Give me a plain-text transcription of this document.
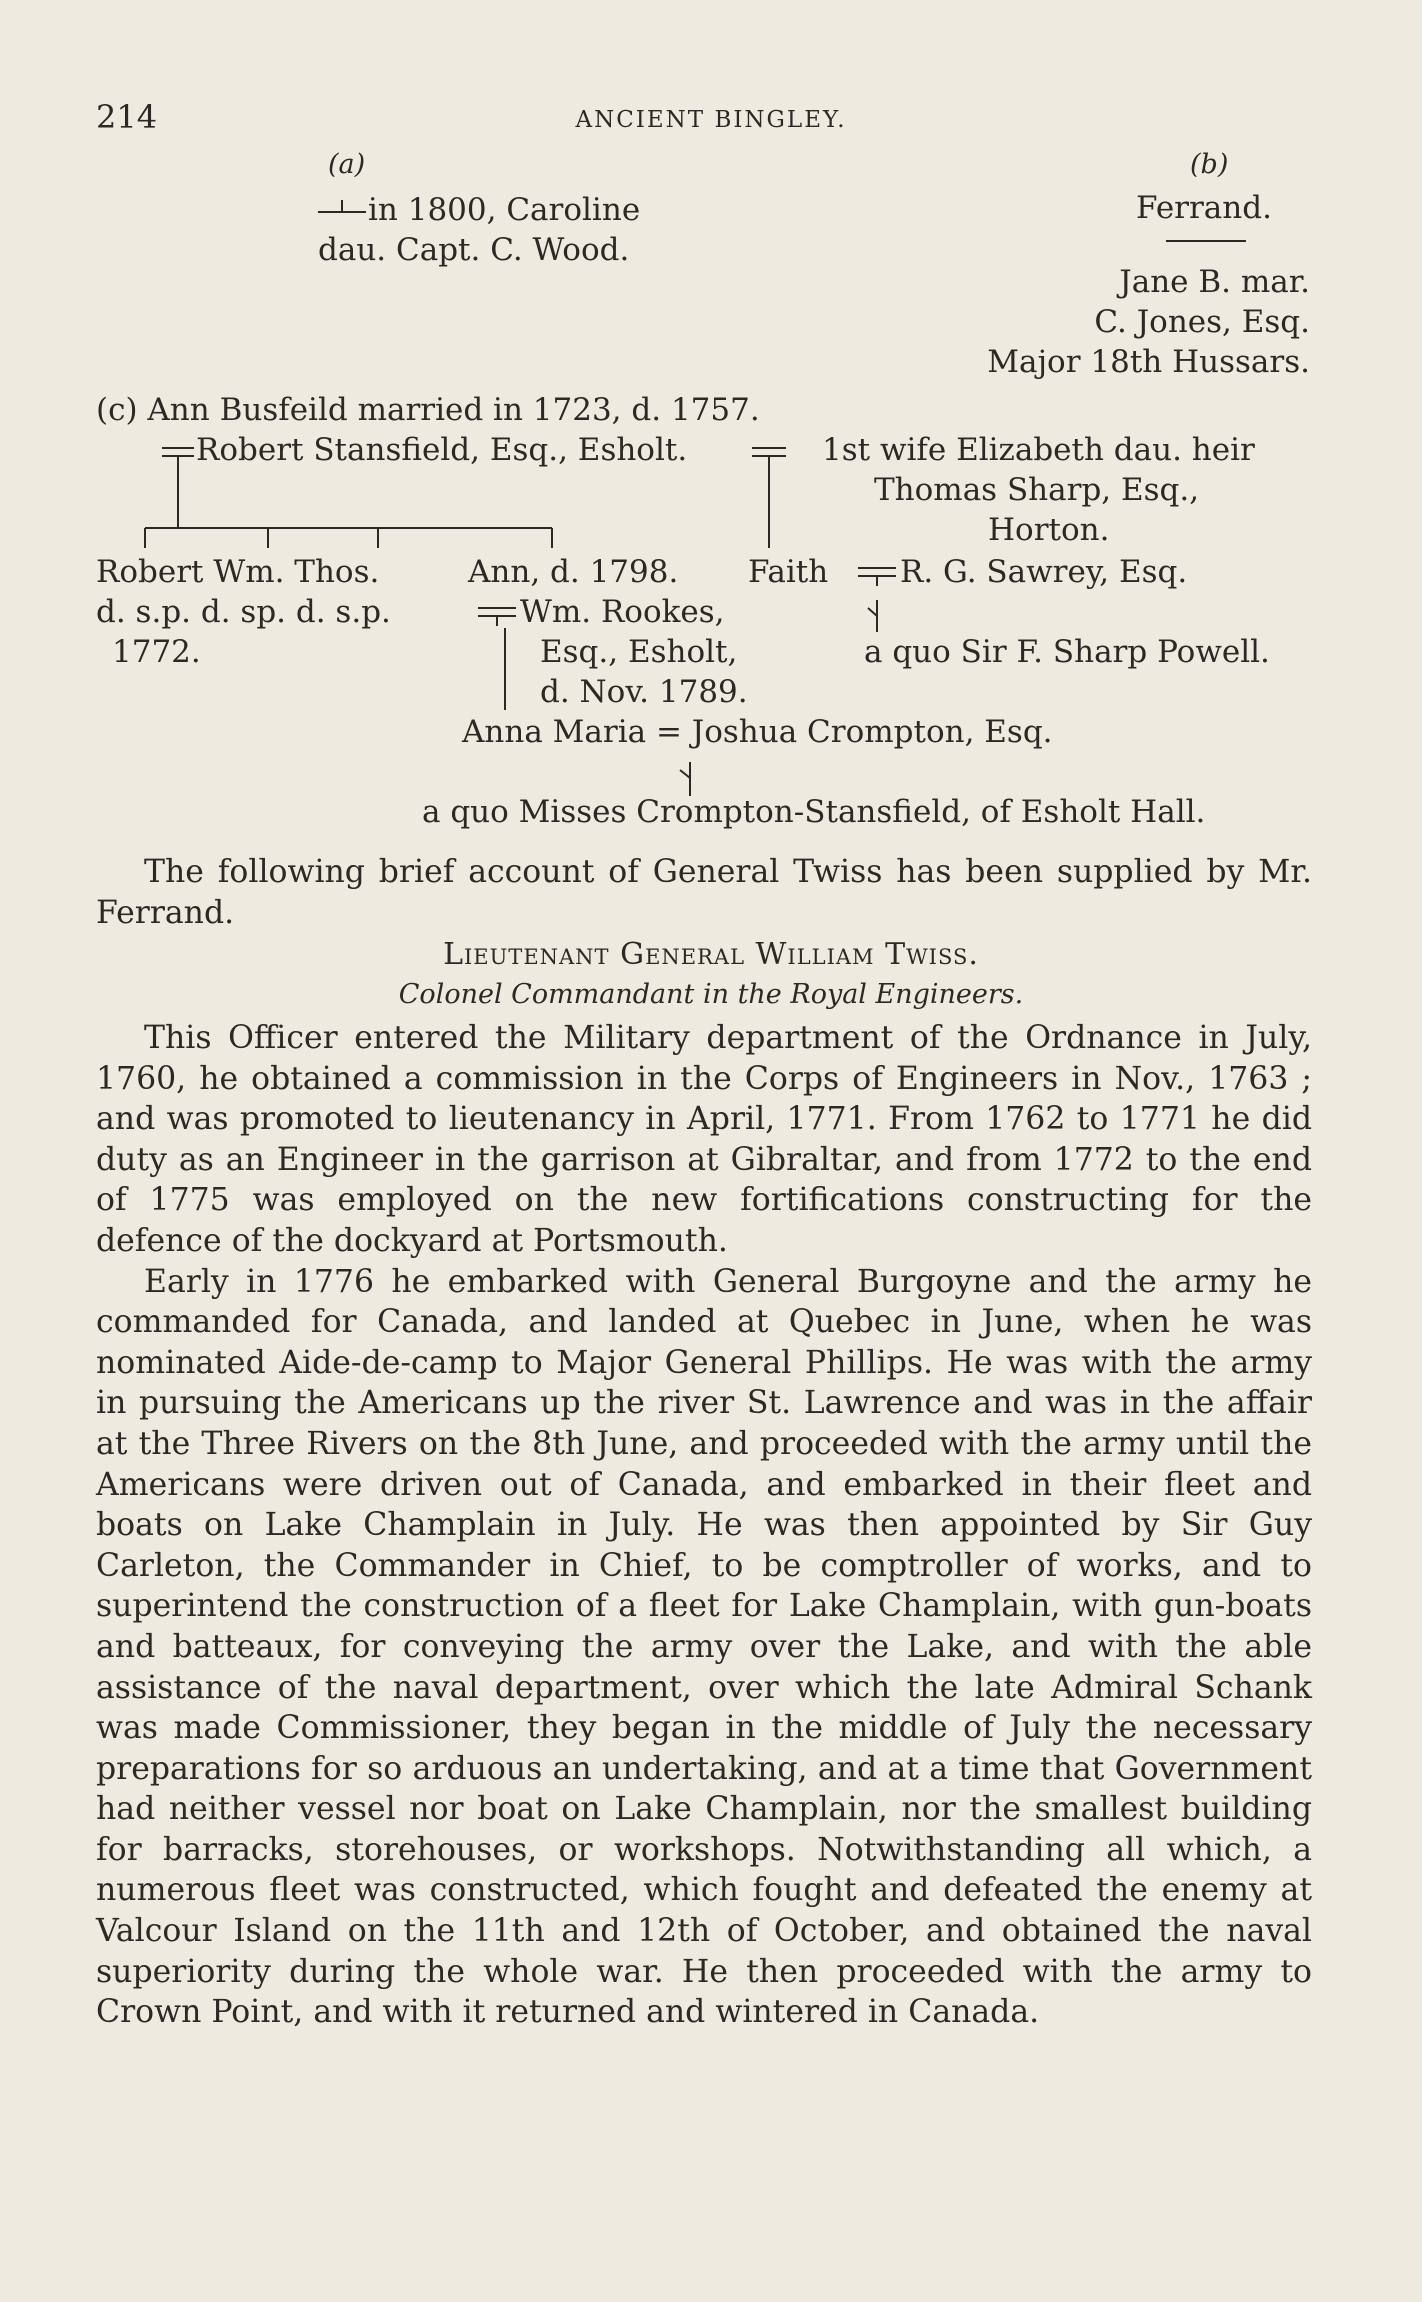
214	ANCIENT BINGLEY.
(a)
in 1800, Caroline
dau. Capt. C. Wood.
(b)
Ferrand.
Jane B. mar.
C. Jones, Esq.
Major 18th Hussars.
(c) Ann Busfeild married in 1723, d. 1757.
Robert Stansfield, Esq., Esholt.	1st wife Elizabeth dau. heir
Thomas Sharp, Esq.,
Horton.
Robert Wm. Thos.
d. s.p. d. sp. d. s.p.
1772.
Ann, d. 1798.
Wm. Rookes,
Esq., Esholt,
d. Nov. 1789.
Faith R. G. Sawrey, Esq.
a quo Sir F. Sharp Powell.
Anna Maria = Joshua Crompton, Esq.
a quo Misses Crompton-Stansfield, of Esholt Hall.

The following brief account of General Twiss has been supplied by Mr. Ferrand.

Lieutenant General William Twiss.
Colonel Commandant in the Royal Engineers.

This Officer entered the Military department of the Ordnance in July, 1760, he obtained a commission in the Corps of Engineers in Nov., 1763 ; and was promoted to lieutenancy in April, 1771. From 1762 to 1771 he did duty as an Engineer in the garrison at Gibraltar, and from 1772 to the end of 1775 was employed on the new fortifications constructing for the defence of the dockyard at Portsmouth.

Early in 1776 he embarked with General Burgoyne and the army he commanded for Canada, and landed at Quebec in June, when he was nominated Aide-de-camp to Major General Phillips. He was with the army in pursuing the Americans up the river St. Lawrence and was in the affair at the Three Rivers on the 8th June, and proceeded with the army until the Americans were driven out of Canada, and embarked in their fleet and boats on Lake Champlain in July. He was then appointed by Sir Guy Carleton, the Commander in Chief, to be comptroller of works, and to superintend the construction of a fleet for Lake Champlain, with gun-boats and batteaux, for conveying the army over the Lake, and with the able assistance of the naval department, over which the late Admiral Schank was made Commissioner, they began in the middle of July the necessary preparations for so arduous an undertaking, and at a time that Government had neither vessel nor boat on Lake Champlain, nor the smallest building for barracks, storehouses, or workshops. Notwithstanding all which, a numerous fleet was constructed, which fought and defeated the enemy at Valcour Island on the 11th and 12th of October, and obtained the naval superiority during the whole war. He then proceeded with the army to Crown Point, and with it returned and wintered in Canada.
